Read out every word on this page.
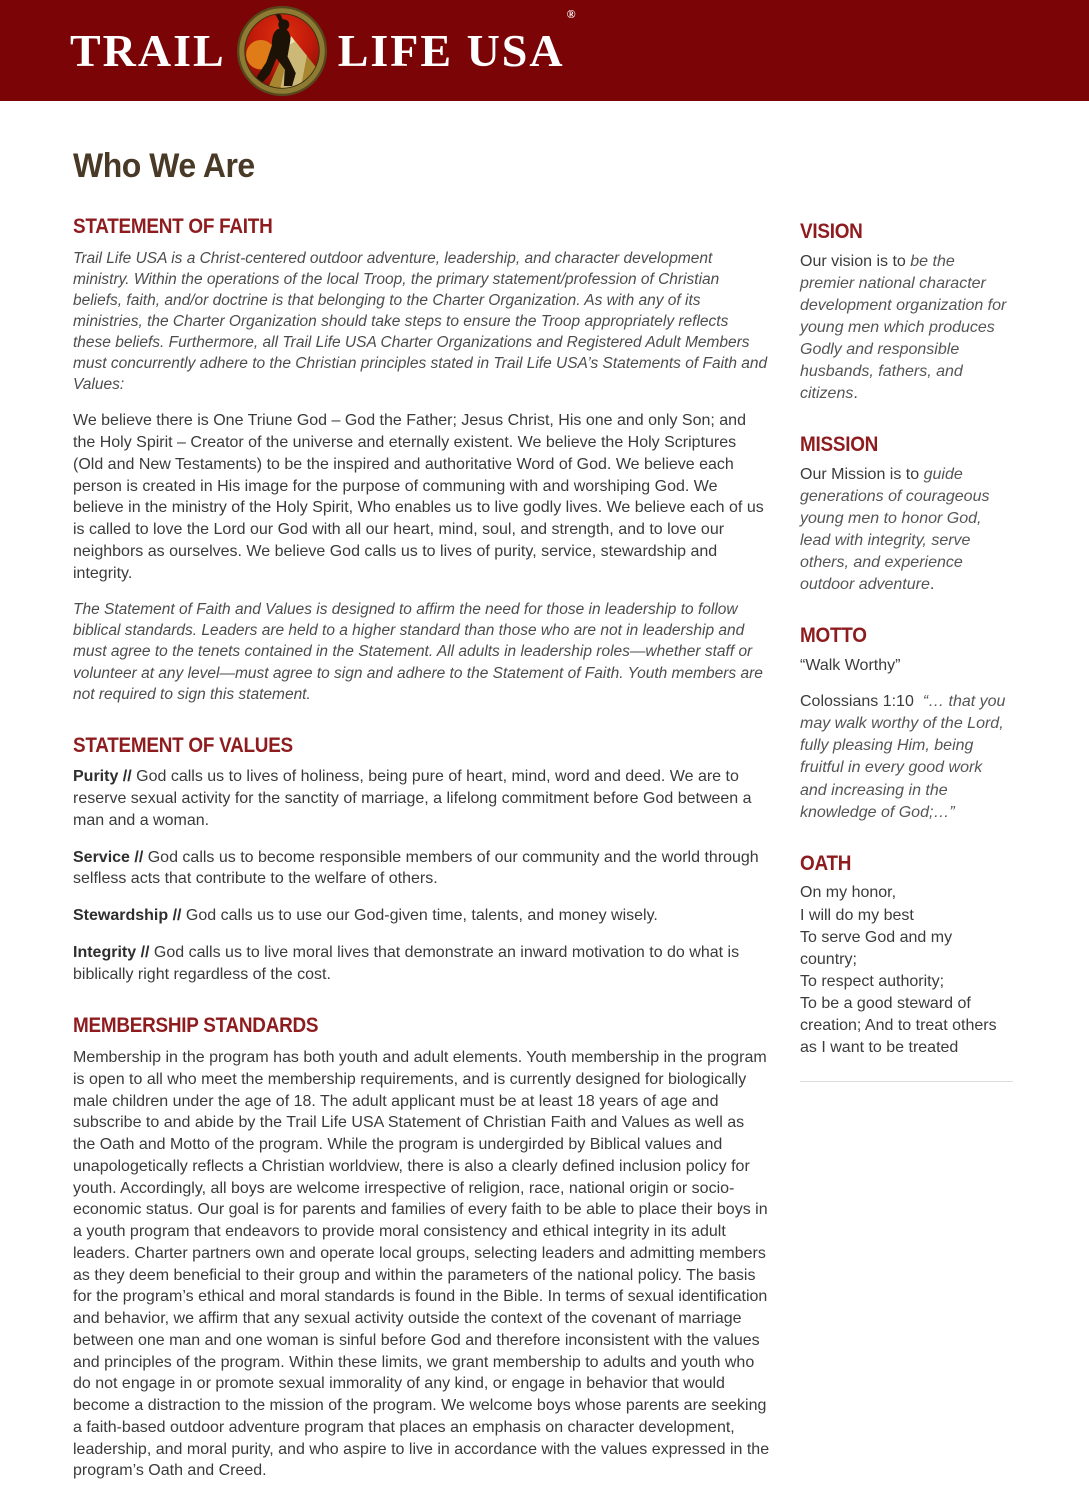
TRAIL LIFE USA®
Who We Are
STATEMENT OF FAITH

Trail Life USA is a Christ-centered outdoor adventure, leadership, and character development ministry. Within the operations of the local Troop, the primary statement/profession of Christian beliefs, faith, and/or doctrine is that belonging to the Charter Organization. As with any of its ministries, the Charter Organization should take steps to ensure the Troop appropriately reflects these beliefs. Furthermore, all Trail Life USA Charter Organizations and Registered Adult Members must concurrently adhere to the Christian principles stated in Trail Life USA’s Statements of Faith and Values:

We believe there is One Triune God – God the Father; Jesus Christ, His one and only Son; and the Holy Spirit – Creator of the universe and eternally existent. We believe the Holy Scriptures (Old and New Testaments) to be the inspired and authoritative Word of God. We believe each person is created in His image for the purpose of communing with and worshiping God. We believe in the ministry of the Holy Spirit, Who enables us to live godly lives. We believe each of us is called to love the Lord our God with all our heart, mind, soul, and strength, and to love our neighbors as ourselves. We believe God calls us to lives of purity, service, stewardship and integrity.

The Statement of Faith and Values is designed to affirm the need for those in leadership to follow biblical standards. Leaders are held to a higher standard than those who are not in leadership and must agree to the tenets contained in the Statement. All adults in leadership roles—whether staff or volunteer at any level—must agree to sign and adhere to the Statement of Faith. Youth members are not required to sign this statement.

STATEMENT OF VALUES

Purity // God calls us to lives of holiness, being pure of heart, mind, word and deed. We are to reserve sexual activity for the sanctity of marriage, a lifelong commitment before God between a man and a woman.

Service // God calls us to become responsible members of our community and the world through selfless acts that contribute to the welfare of others.

Stewardship // God calls us to use our God-given time, talents, and money wisely.

Integrity // God calls us to live moral lives that demonstrate an inward motivation to do what is biblically right regardless of the cost.

MEMBERSHIP STANDARDS

Membership in the program has both youth and adult elements. Youth membership in the program is open to all who meet the membership requirements, and is currently designed for biologically male children under the age of 18. The adult applicant must be at least 18 years of age and subscribe to and abide by the Trail Life USA Statement of Christian Faith and Values as well as the Oath and Motto of the program. While the program is undergirded by Biblical values and unapologetically reflects a Christian worldview, there is also a clearly defined inclusion policy for youth. Accordingly, all boys are welcome irrespective of religion, race, national origin or socio-economic status. Our goal is for parents and families of every faith to be able to place their boys in a youth program that endeavors to provide moral consistency and ethical integrity in its adult leaders. Charter partners own and operate local groups, selecting leaders and admitting members as they deem beneficial to their group and within the parameters of the national policy. The basis for the program’s ethical and moral standards is found in the Bible. In terms of sexual identification and behavior, we affirm that any sexual activity outside the context of the covenant of marriage between one man and one woman is sinful before God and therefore inconsistent with the values and principles of the program. Within these limits, we grant membership to adults and youth who do not engage in or promote sexual immorality of any kind, or engage in behavior that would become a distraction to the mission of the program. We welcome boys whose parents are seeking a faith-based outdoor adventure program that places an emphasis on character development, leadership, and moral purity, and who aspire to live in accordance with the values expressed in the program’s Oath and Creed.

VISION
Our vision is to be the premier national character development organization for young men which produces Godly and responsible husbands, fathers, and citizens.
MISSION
Our Mission is to guide generations of courageous young men to honor God, lead with integrity, serve others, and experience outdoor adventure.
MOTTO
“Walk Worthy”
Colossians 1:10 “… that you may walk worthy of the Lord, fully pleasing Him, being fruitful in every good work and increasing in the knowledge of God;…”
OATH
On my honor,
I will do my best
To serve God and my country;
To respect authority;
To be a good steward of creation; And to treat others as I want to be treated
